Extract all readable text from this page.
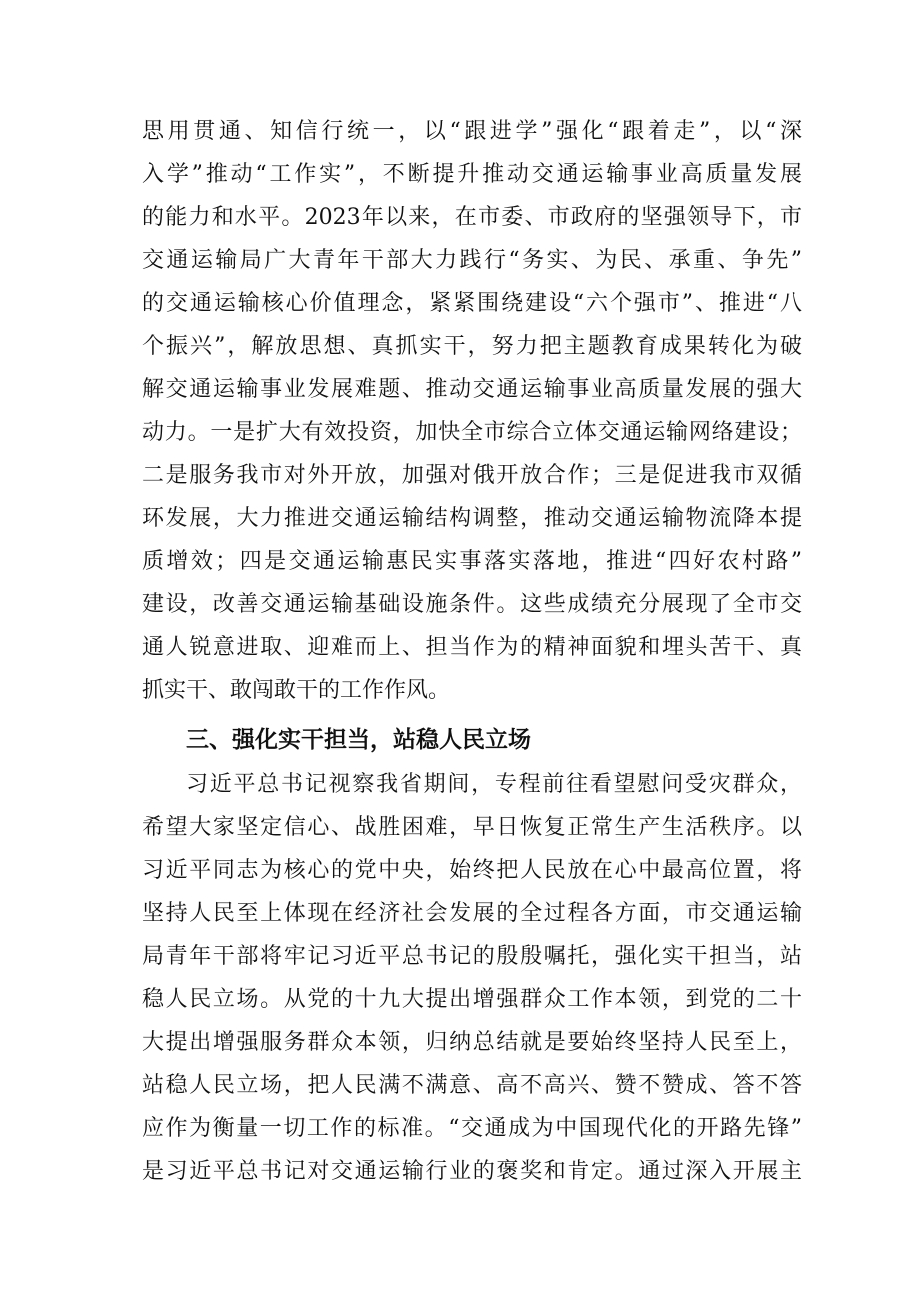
思用贯通、知信行统一，以“跟进学”强化“跟着走”，以“深
入学”推动“工作实”，不断提升推动交通运输事业高质量发展
的能力和水平。2023年以来，在市委、市政府的坚强领导下，市
交通运输局广大青年干部大力践行“务实、为民、承重、争先”
的交通运输核心价值理念，紧紧围绕建设“六个强市”、推进“八
个振兴”，解放思想、真抓实干，努力把主题教育成果转化为破
解交通运输事业发展难题、推动交通运输事业高质量发展的强大
动力。一是扩大有效投资，加快全市综合立体交通运输网络建设；
二是服务我市对外开放，加强对俄开放合作；三是促进我市双循
环发展，大力推进交通运输结构调整，推动交通运输物流降本提
质增效；四是交通运输惠民实事落实落地，推进“四好农村路”
建设，改善交通运输基础设施条件。这些成绩充分展现了全市交
通人锐意进取、迎难而上、担当作为的精神面貌和埋头苦干、真
抓实干、敢闯敢干的工作作风。
三、强化实干担当，站稳人民立场
习近平总书记视察我省期间，专程前往看望慰问受灾群众，
希望大家坚定信心、战胜困难，早日恢复正常生产生活秩序。以
习近平同志为核心的党中央，始终把人民放在心中最高位置，将
坚持人民至上体现在经济社会发展的全过程各方面，市交通运输
局青年干部将牢记习近平总书记的殷殷嘱托，强化实干担当，站
稳人民立场。从党的十九大提出增强群众工作本领，到党的二十
大提出增强服务群众本领，归纳总结就是要始终坚持人民至上，
站稳人民立场，把人民满不满意、高不高兴、赞不赞成、答不答
应作为衡量一切工作的标准。“交通成为中国现代化的开路先锋”
是习近平总书记对交通运输行业的褒奖和肯定。通过深入开展主
